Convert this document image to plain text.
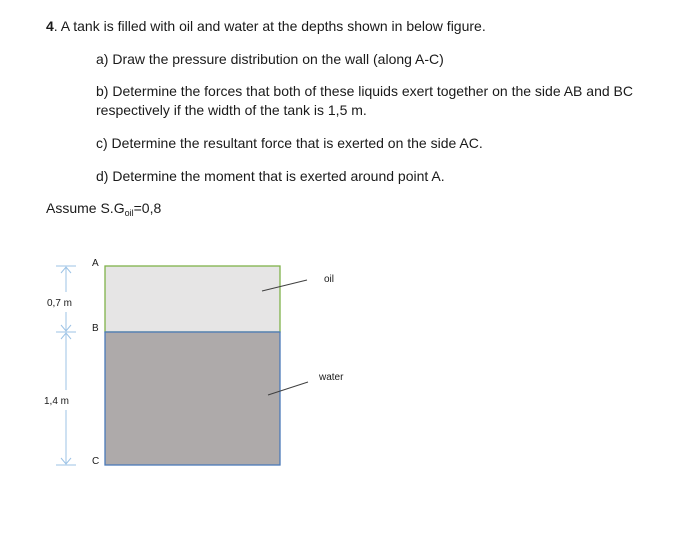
4. A tank is filled with oil and water at the depths shown in below figure.
a) Draw the pressure distribution on the wall (along A-C)
b) Determine the forces that both of these liquids exert together on the side AB and BC
respectively if the width of the tank is 1,5 m.
c) Determine the resultant force that is exerted on the side AC.
d) Determine the moment that is exerted around point A.
Assume $S.G_{oil}=0,8$
0,7 m
1,4 m
A
B
C
oil
water
